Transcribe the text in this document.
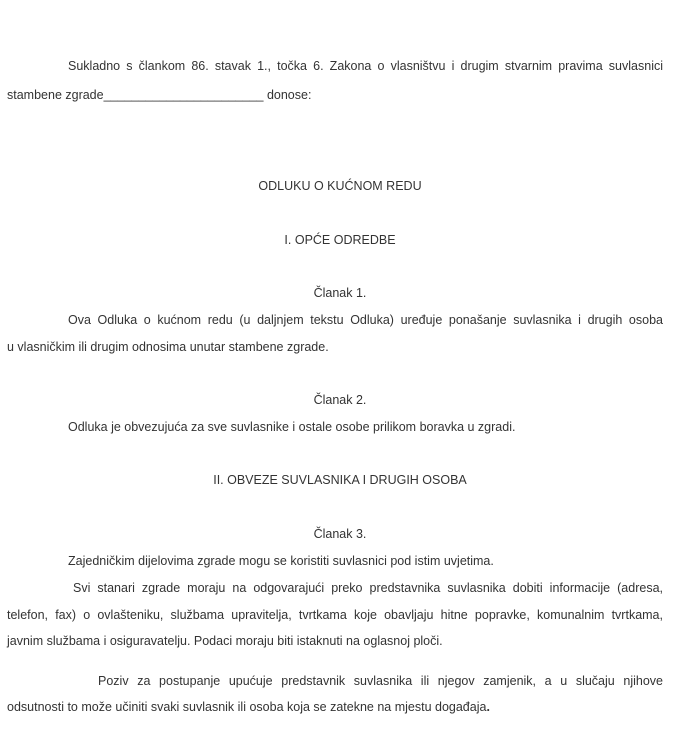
Sukladno s člankom 86. stavak 1., točka 6. Zakona o vlasništvu i drugim stvarnim pravima suvlasnici
stambene zgrade_______________________ donose:
ODLUKU O KUĆNOM REDU
I. OPĆE ODREDBE
Članak 1.
Ova Odluka o kućnom redu (u daljnjem tekstu Odluka) uređuje ponašanje suvlasnika i drugih osoba
u vlasničkim ili drugim odnosima unutar stambene zgrade.
Članak 2.
Odluka je obvezujuća za sve suvlasnike i ostale osobe prilikom boravka u zgradi.
II. OBVEZE SUVLASNIKA I DRUGIH OSOBA
Članak 3.
Zajedničkim dijelovima zgrade mogu se koristiti suvlasnici pod istim uvjetima.
Svi stanari zgrade moraju na odgovarajući preko predstavnika suvlasnika dobiti informacije (adresa,
telefon, fax) o ovlašteniku, službama upravitelja, tvrtkama koje obavljaju hitne popravke, komunalnim tvrtkama,
javnim službama i osiguravatelju. Podaci moraju biti istaknuti na oglasnoj ploči.
Poziv za postupanje upućuje predstavnik suvlasnika ili njegov zamjenik, a u slučaju njihove
odsutnosti to može učiniti svaki suvlasnik ili osoba koja se zatekne na mjestu događaja.
